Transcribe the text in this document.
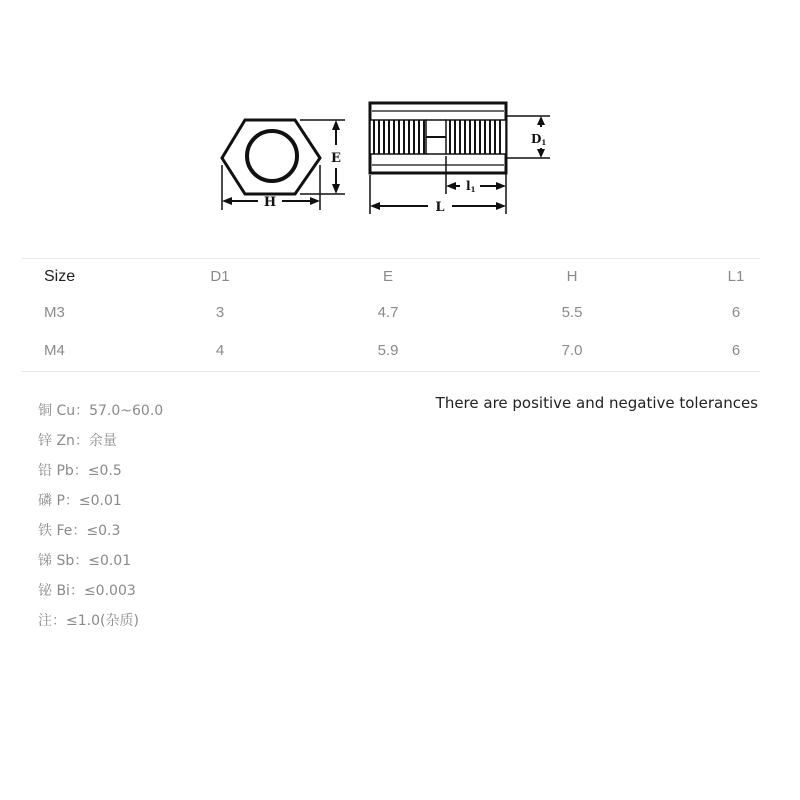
E
H
D1
l1
L
Size	D1	E	H	L1
M3	3	4.7	5.5	6
M4	4	5.9	7.0	6
铜 Cu：57.0~60.0
锌 Zn：余量
铅 Pb：≤0.5
磷 P：≤0.01
铁 Fe：≤0.3
锑 Sb：≤0.01
铋 Bi：≤0.003
注：≤1.0(杂质)
There are positive and negative tolerances
